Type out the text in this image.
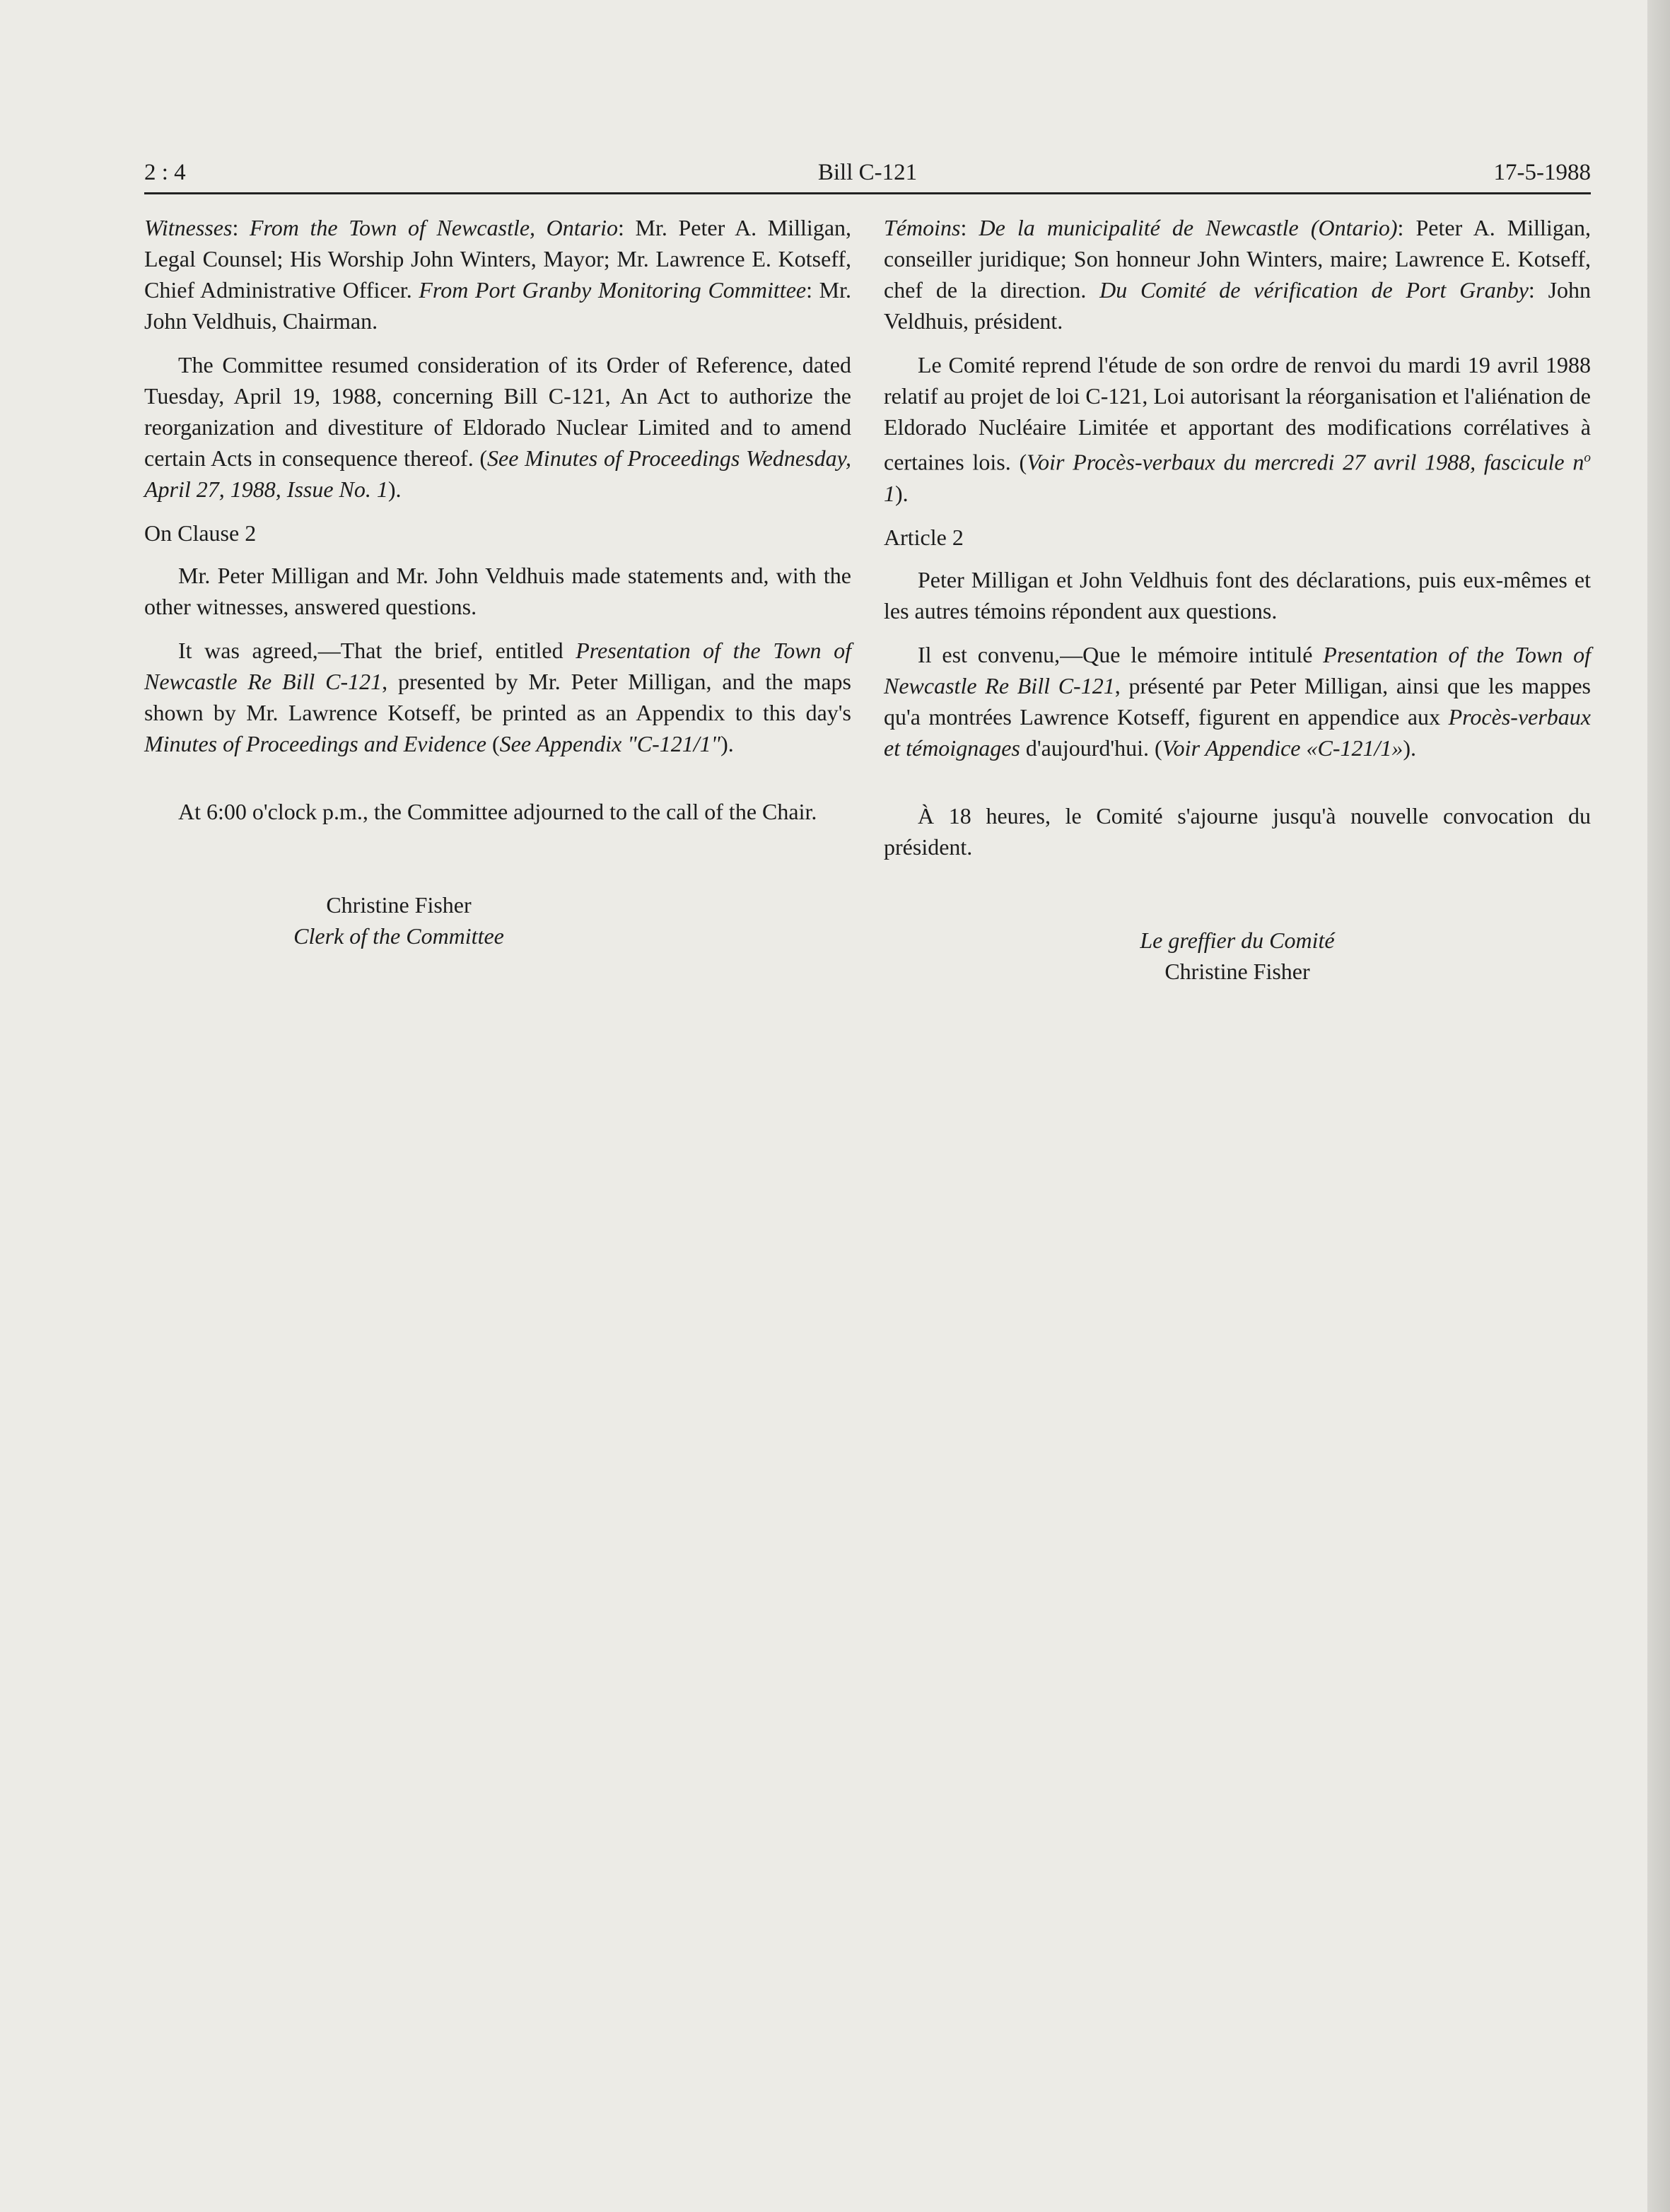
2 : 4	Bill C-121	17-5-1988

Witnesses: From the Town of Newcastle, Ontario: Mr. Peter A. Milligan, Legal Counsel; His Worship John Winters, Mayor; Mr. Lawrence E. Kotseff, Chief Administrative Officer. From Port Granby Monitoring Committee: Mr. John Veldhuis, Chairman.

The Committee resumed consideration of its Order of Reference, dated Tuesday, April 19, 1988, concerning Bill C-121, An Act to authorize the reorganization and divestiture of Eldorado Nuclear Limited and to amend certain Acts in consequence thereof. (See Minutes of Proceedings Wednesday, April 27, 1988, Issue No. 1).

On Clause 2

Mr. Peter Milligan and Mr. John Veldhuis made statements and, with the other witnesses, answered questions.

It was agreed,—That the brief, entitled Presentation of the Town of Newcastle Re Bill C-121, presented by Mr. Peter Milligan, and the maps shown by Mr. Lawrence Kotseff, be printed as an Appendix to this day's Minutes of Proceedings and Evidence (See Appendix "C-121/1").

At 6:00 o'clock p.m., the Committee adjourned to the call of the Chair.

Christine Fisher
Clerk of the Committee

Témoins: De la municipalité de Newcastle (Ontario): Peter A. Milligan, conseiller juridique; Son honneur John Winters, maire; Lawrence E. Kotseff, chef de la direction. Du Comité de vérification de Port Granby: John Veldhuis, président.

Le Comité reprend l'étude de son ordre de renvoi du mardi 19 avril 1988 relatif au projet de loi C-121, Loi autorisant la réorganisation et l'aliénation de Eldorado Nucléaire Limitée et apportant des modifications corrélatives à certaines lois. (Voir Procès-verbaux du mercredi 27 avril 1988, fascicule $n^o$ 1).

Article 2

Peter Milligan et John Veldhuis font des déclarations, puis eux-mêmes et les autres témoins répondent aux questions.

Il est convenu,—Que le mémoire intitulé Presentation of the Town of Newcastle Re Bill C-121, présenté par Peter Milligan, ainsi que les mappes qu'a montrées Lawrence Kotseff, figurent en appendice aux Procès-verbaux et témoignages d'aujourd'hui. (Voir Appendice «C-121/1»).

À 18 heures, le Comité s'ajourne jusqu'à nouvelle convocation du président.

Le greffier du Comité
Christine Fisher
